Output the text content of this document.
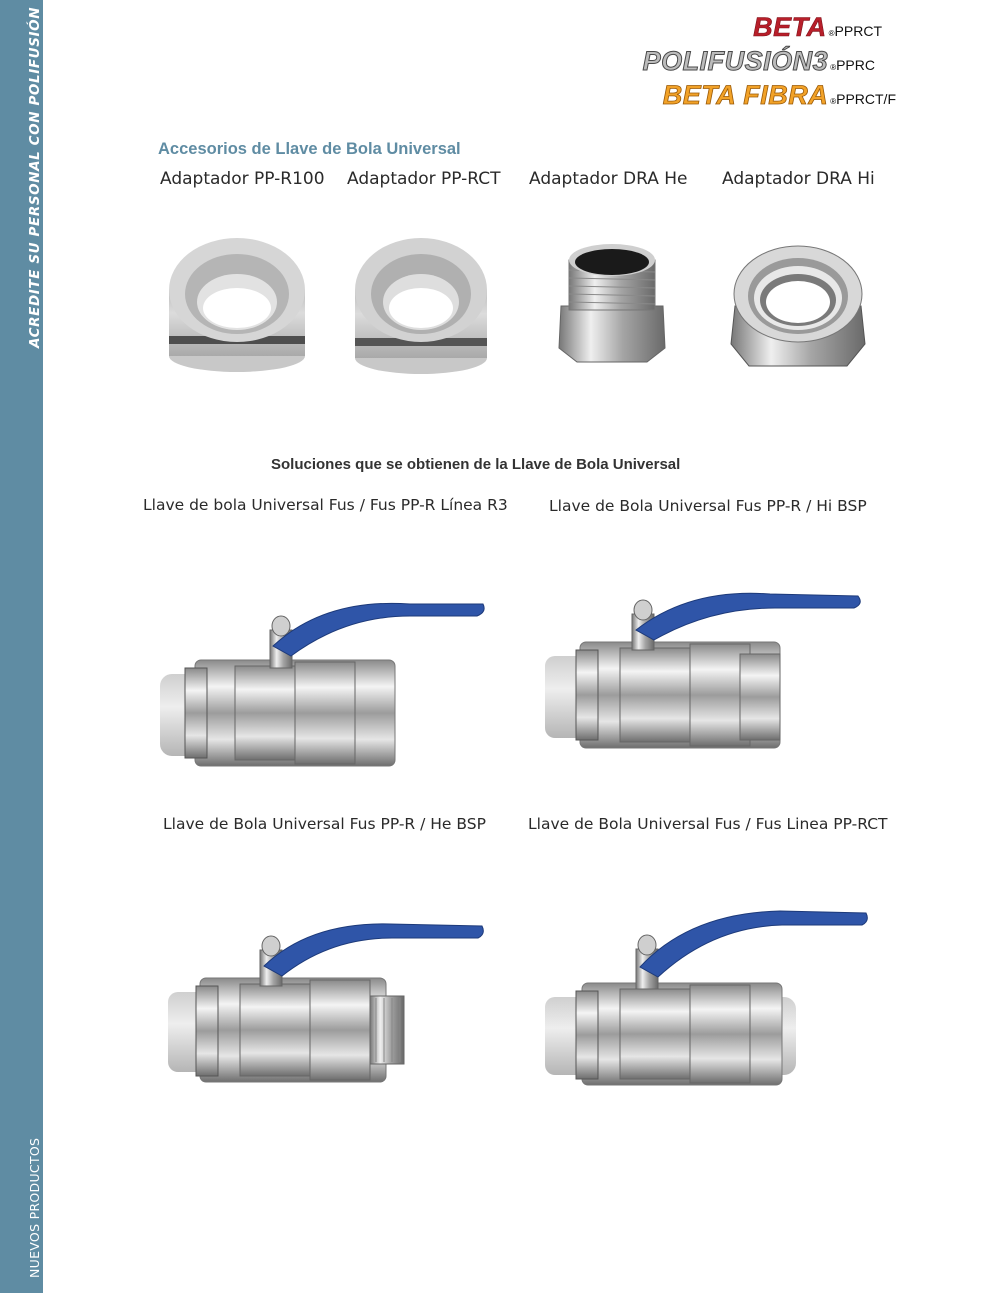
ACREDITE SU PERSONAL CON POLIFUSIÓN
NUEVOS PRODUCTOS
BETA ®PPRCT
POLIFUSIÓN3 ®PPRC
BETA FIBRA ®PPRCT/F
Accesorios de Llave de Bola Universal
Adaptador PP-R100 Adaptador PP-RCT Adaptador DRA He Adaptador DRA Hi
Soluciones que se obtienen de la Llave de Bola Universal
Llave de bola Universal Fus / Fus PP-R Línea R3	Llave de Bola Universal Fus PP-R / Hi BSP
Llave de Bola Universal Fus PP-R / He BSP	Llave de Bola Universal Fus / Fus Linea PP-RCT
